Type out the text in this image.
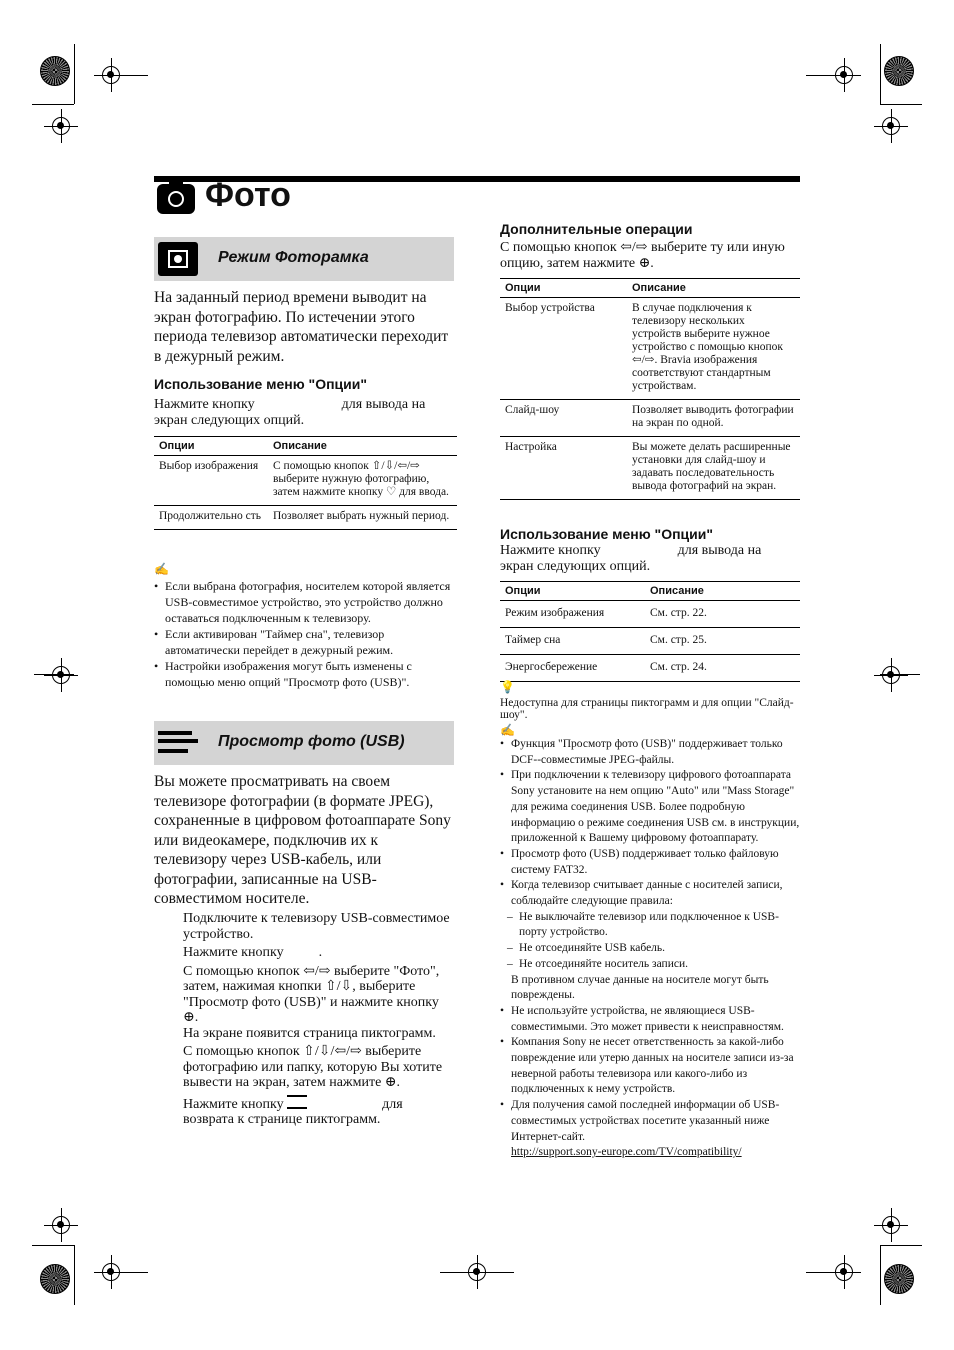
Фото
Режим Фоторамка
На заданный период времени выводит на экран фотографию. По истечении этого периода телевизор автоматически переходит в дежурный режим.
Использование меню "Опции"
Нажмите кнопку	для вывода на
экран следующих опций.
Опции	Описание
Выбор изображения	С помощью кнопок ⇧/⇩/⇦/⇨ выберите нужную фотографию, затем нажмите кнопку ♡ для ввода.
Продолжительно сть	Позволяет выбрать нужный период.
✍
• Если выбрана фотография, носителем которой является USB-совместимое устройство, это устройство должно оставаться подключенным к телевизору.
• Если активирован "Таймер сна", телевизор автоматически перейдет в дежурный режим.
• Настройки изображения могут быть изменены с помощью меню опций "Просмотр фото (USB)".
Просмотр фото (USB)
Вы можете просматривать на своем телевизоре фотографии (в формате JPEG), сохраненные в цифровом фотоаппарате Sony или видеокамере, подключив их к телевизору через USB-кабель, или фотографии, записанные на USB-совместимом носителе.
Подключите к телевизору USB-совместимое устройство.
Нажмите кнопку          .
С помощью кнопок ⇦/⇨ выберите "Фото", затем, нажимая кнопки ⇧/⇩, выберите "Просмотр фото (USB)" и нажмите кнопку ⊕.
На экране появится страница пиктограмм.
С помощью кнопок ⇧/⇩/⇦/⇨ выберите фотографию или папку, которую Вы хотите вывести на экран, затем нажмите ⊕.
Нажмите кнопку	для
возврата к странице пиктограмм.
Дополнительные операции
С помощью кнопок ⇦/⇨ выберите ту или иную опцию, затем нажмите ⊕.
Опции	Описание
Выбор устройства	В случае подключения к телевизору нескольких устройств выберите нужное устройство с помощью кнопок ⇦/⇨. Bravia изображения соответствуют стандартным устройствам.
Слайд-шоу	Позволяет выводить фотографии на экран по одной.
Настройка	Вы можете делать расширенные установки для слайд-шоу и задавать последовательность вывода фотографий на экран.
Использование меню "Опции"
Нажмите кнопку	для вывода на
экран следующих опций.
Опции	Описание
Режим изображения	См. стр. 22.
Таймер сна	См. стр. 25.
Энергосбережение	См. стр. 24.
💡
Недоступна для страницы пиктограмм и для опции "Слайд-шоу".
✍
• Функция "Просмотр фото (USB)" поддерживает только DCF--совместимые JPEG-файлы.
• При подключении к телевизору цифрового фотоаппарата Sony установите на нем опцию "Auto" или "Mass Storage" для режима соединения USB. Более подробную информацию о режиме соединения USB см. в инструкции, приложенной к Вашему цифровому фотоаппарату.
• Просмотр фото (USB) поддерживает только файловую систему FAT32.
• Когда телевизор считывает данные с носителей записи, соблюдайте следующие правила:
– Не выключайте телевизор или подключенное к USB-порту устройство.
– Не отсоединяйте USB кабель.
– Не отсоединяйте носитель записи.
В противном случае данные на носителе могут быть повреждены.
• Не используйте устройства, не являющиеся USB-совместимыми. Это может привести к неисправностям.
• Компания Sony не несет ответственность за какой-либо повреждение или утерю данных на носителе записи из-за неверной работы телевизора или какого-либо из подключенных к нему устройств.
• Для получения самой последней информации об USB-совместимых устройствах посетите указанный ниже Интернет-сайт.
http://support.sony-europe.com/TV/compatibility/
